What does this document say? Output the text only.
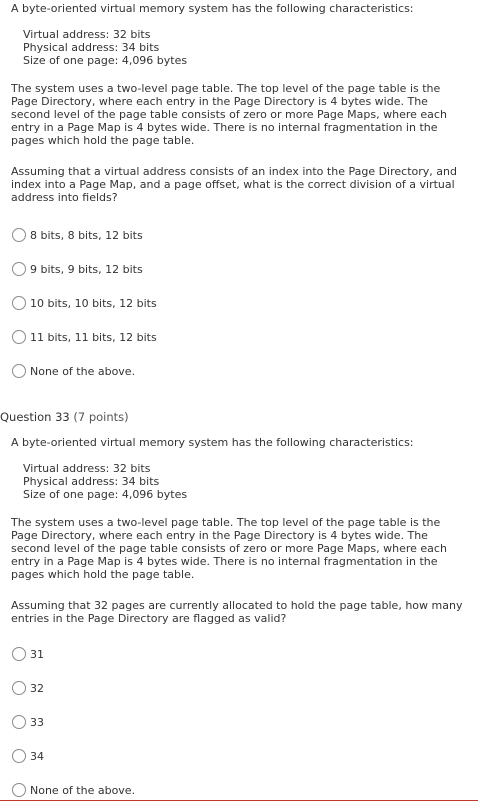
A byte-oriented virtual memory system has the following characteristics:
Virtual address: 32 bits
Physical address: 34 bits
Size of one page: 4,096 bytes
The system uses a two-level page table. The top level of the page table is the Page Directory, where each entry in the Page Directory is 4 bytes wide. The second level of the page table consists of zero or more Page Maps, where each entry in a Page Map is 4 bytes wide. There is no internal fragmentation in the pages which hold the page table.
Assuming that a virtual address consists of an index into the Page Directory, and index into a Page Map, and a page offset, what is the correct division of a virtual address into fields?
8 bits, 8 bits, 12 bits
9 bits, 9 bits, 12 bits
10 bits, 10 bits, 12 bits
11 bits, 11 bits, 12 bits
None of the above.
Question 33 (7 points)
A byte-oriented virtual memory system has the following characteristics:
Virtual address: 32 bits
Physical address: 34 bits
Size of one page: 4,096 bytes
The system uses a two-level page table. The top level of the page table is the Page Directory, where each entry in the Page Directory is 4 bytes wide. The second level of the page table consists of zero or more Page Maps, where each entry in a Page Map is 4 bytes wide. There is no internal fragmentation in the pages which hold the page table.
Assuming that 32 pages are currently allocated to hold the page table, how many entries in the Page Directory are flagged as valid?
31
32
33
34
None of the above.
